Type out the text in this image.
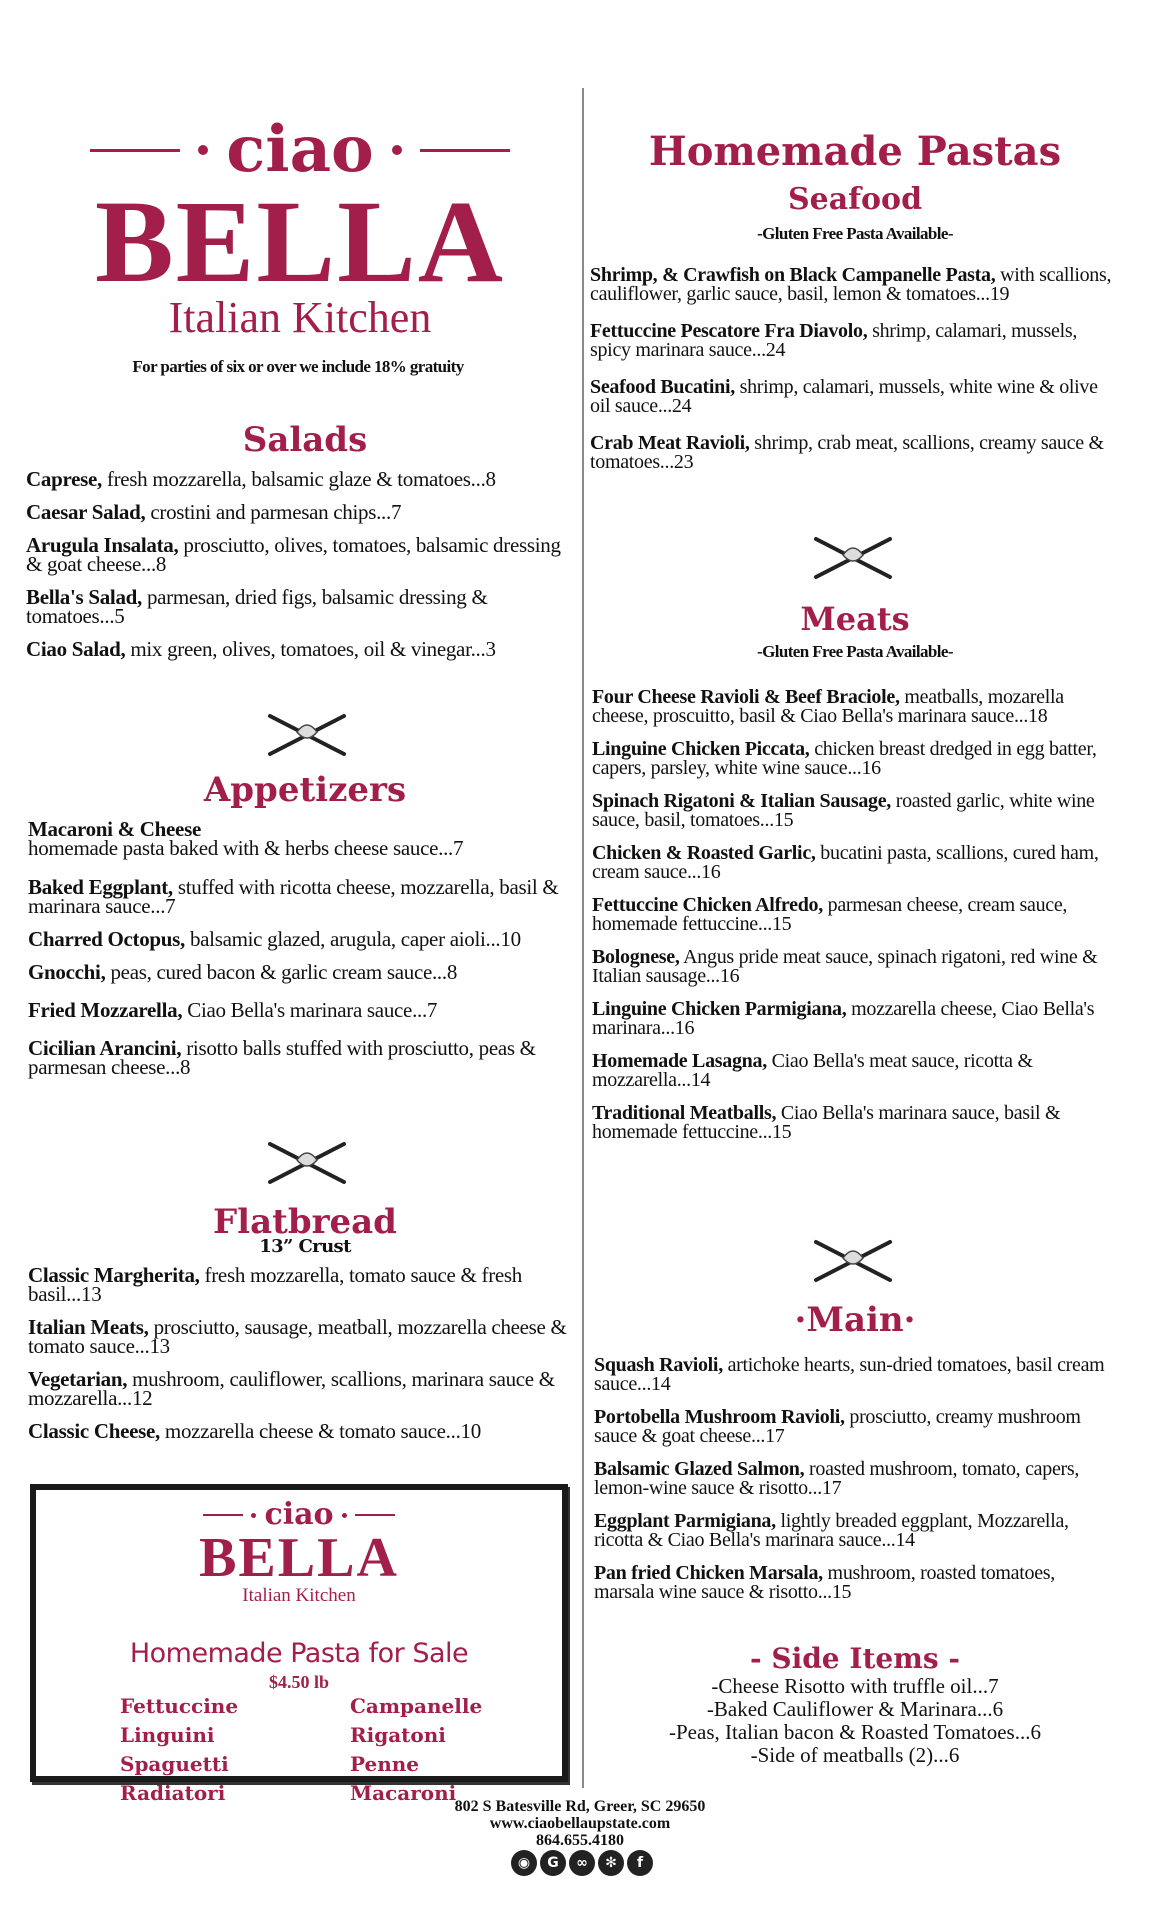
ciao
BELLA
Italian Kitchen
For parties of six or over we include 18% gratuity
Salads
Caprese, fresh mozzarella, balsamic glaze & tomatoes...8
Caesar Salad, crostini and parmesan chips...7
Arugula Insalata, prosciutto, olives, tomatoes, balsamic dressing & goat cheese...8
Bella's Salad, parmesan, dried figs, balsamic dressing & tomatoes...5
Ciao Salad, mix green, olives, tomatoes, oil & vinegar...3
Appetizers
Macaroni & Cheese
homemade pasta baked with & herbs cheese sauce...7
Baked Eggplant, stuffed with ricotta cheese, mozzarella, basil & marinara sauce...7
Charred Octopus, balsamic glazed, arugula, caper aioli...10
Gnocchi, peas, cured bacon & garlic cream sauce...8
Fried Mozzarella, Ciao Bella's marinara sauce...7
Cicilian Arancini, risotto balls stuffed with prosciutto, peas & parmesan cheese...8
Flatbread
13” Crust
Classic Margherita, fresh mozzarella, tomato sauce & fresh basil...13
Italian Meats, prosciutto, sausage, meatball, mozzarella cheese & tomato sauce...13
Vegetarian, mushroom, cauliflower, scallions, marinara sauce & mozzarella...12
Classic Cheese, mozzarella cheese & tomato sauce...10
ciao
BELLA
Italian Kitchen
Homemade Pasta for Sale
$4.50 lb
Fettuccine
Linguini
Spaguetti
Radiatori
Campanelle
Rigatoni
Penne
Macaroni
Homemade Pastas
Seafood
-Gluten Free Pasta Available-
Shrimp, & Crawfish on Black Campanelle Pasta, with scallions, cauliflower, garlic sauce, basil, lemon & tomatoes...19
Fettuccine Pescatore Fra Diavolo, shrimp, calamari, mussels, spicy marinara sauce...24
Seafood Bucatini, shrimp, calamari, mussels, white wine & olive oil sauce...24
Crab Meat Ravioli, shrimp, crab meat, scallions, creamy sauce & tomatoes...23
Meats
-Gluten Free Pasta Available-
Four Cheese Ravioli & Beef Braciole, meatballs, mozarella cheese, proscuitto, basil & Ciao Bella's marinara sauce...18
Linguine Chicken Piccata, chicken breast dredged in egg batter, capers, parsley, white wine sauce...16
Spinach Rigatoni & Italian Sausage, roasted garlic, white wine sauce, basil, tomatoes...15
Chicken & Roasted Garlic, bucatini pasta, scallions, cured ham, cream sauce...16
Fettuccine Chicken Alfredo, parmesan cheese, cream sauce, homemade fettuccine...15
Bolognese, Angus pride meat sauce, spinach rigatoni, red wine & Italian sausage...16
Linguine Chicken Parmigiana, mozzarella cheese, Ciao Bella's marinara...16
Homemade Lasagna, Ciao Bella's meat sauce, ricotta & mozzarella...14
Traditional Meatballs, Ciao Bella's marinara sauce, basil & homemade fettuccine...15
·Main·
Squash Ravioli, artichoke hearts, sun-dried tomatoes, basil cream sauce...14
Portobella Mushroom Ravioli, prosciutto, creamy mushroom sauce & goat cheese...17
Balsamic Glazed Salmon, roasted mushroom, tomato, capers, lemon-wine sauce & risotto...17
Eggplant Parmigiana, lightly breaded eggplant, Mozzarella, ricotta & Ciao Bella's marinara sauce...14
Pan fried Chicken Marsala, mushroom, roasted tomatoes, marsala wine sauce & risotto...15
- Side Items -
-Cheese Risotto with truffle oil...7
-Baked Cauliflower & Marinara...6
-Peas, Italian bacon & Roasted Tomatoes...6
-Side of meatballs (2)...6
802 S Batesville Rd, Greer, SC 29650
www.ciaobellaupstate.com
864.655.4180
◉	G	∞	✻	f
